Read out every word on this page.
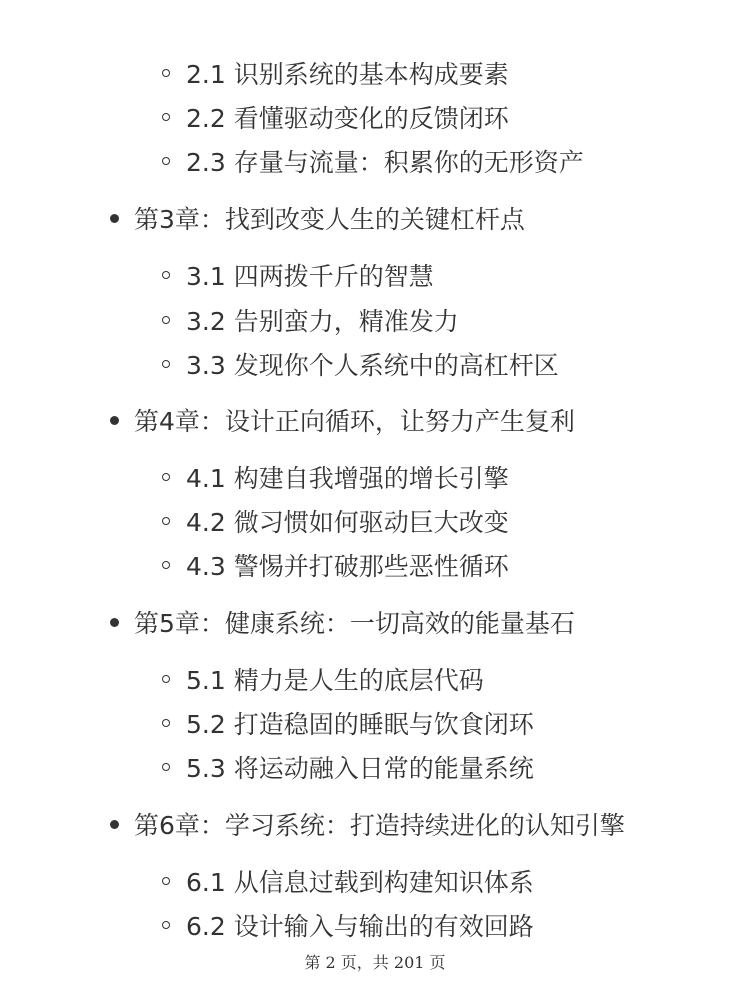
2.1 识别系统的基本构成要素
2.2 看懂驱动变化的反馈闭环
2.3 存量与流量：积累你的无形资产
第3章：找到改变人生的关键杠杆点
3.1 四两拨千斤的智慧
3.2 告别蛮力，精准发力
3.3 发现你个人系统中的高杠杆区
第4章：设计正向循环，让努力产生复利
4.1 构建自我增强的增长引擎
4.2 微习惯如何驱动巨大改变
4.3 警惕并打破那些恶性循环
第5章：健康系统：一切高效的能量基石
5.1 精力是人生的底层代码
5.2 打造稳固的睡眠与饮食闭环
5.3 将运动融入日常的能量系统
第6章：学习系统：打造持续进化的认知引擎
6.1 从信息过载到构建知识体系
6.2 设计输入与输出的有效回路
第 2 页，共 201 页
